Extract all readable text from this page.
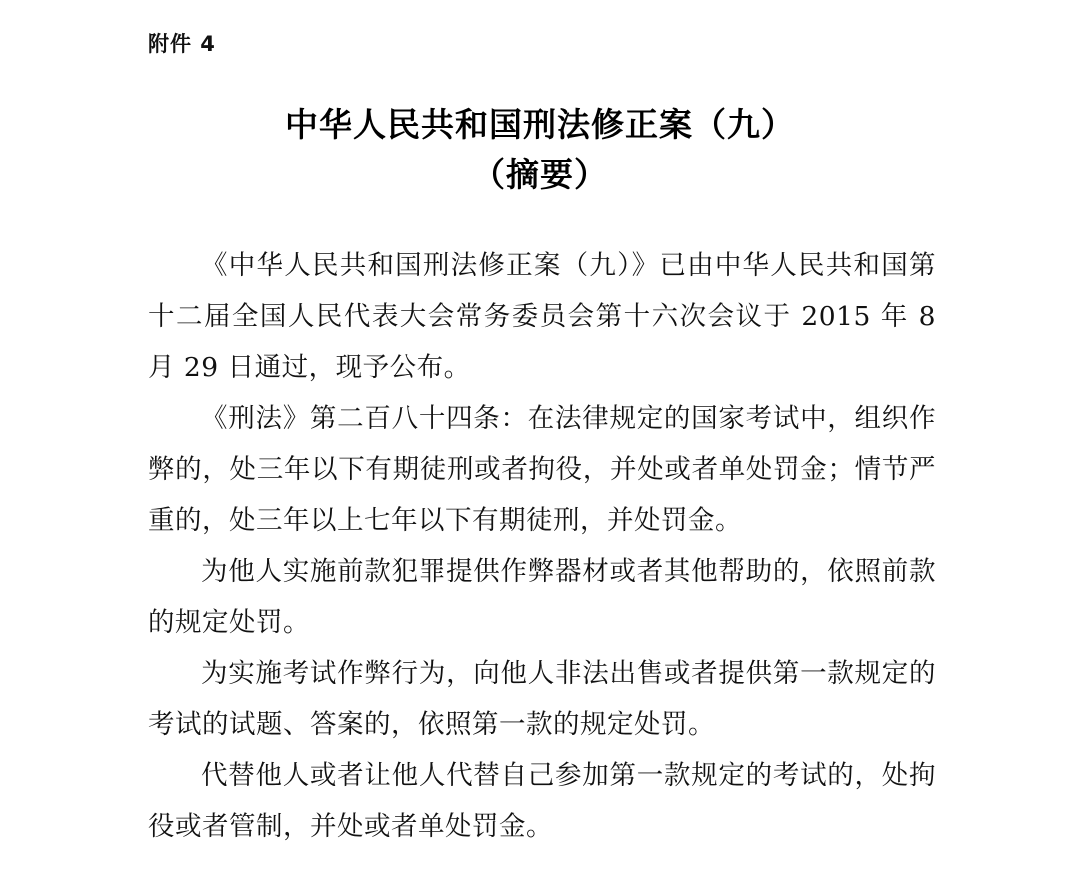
附件 4
中华人民共和国刑法修正案（九）
（摘要）

《中华人民共和国刑法修正案（九）》已由中华人民共和国第十二届全国人民代表大会常务委员会第十六次会议于 2015 年 8 月 29 日通过，现予公布。

《刑法》第二百八十四条：在法律规定的国家考试中，组织作弊的，处三年以下有期徒刑或者拘役，并处或者单处罚金；情节严重的，处三年以上七年以下有期徒刑，并处罚金。

为他人实施前款犯罪提供作弊器材或者其他帮助的，依照前款的规定处罚。

为实施考试作弊行为，向他人非法出售或者提供第一款规定的考试的试题、答案的，依照第一款的规定处罚。

代替他人或者让他人代替自己参加第一款规定的考试的，处拘役或者管制，并处或者单处罚金。
